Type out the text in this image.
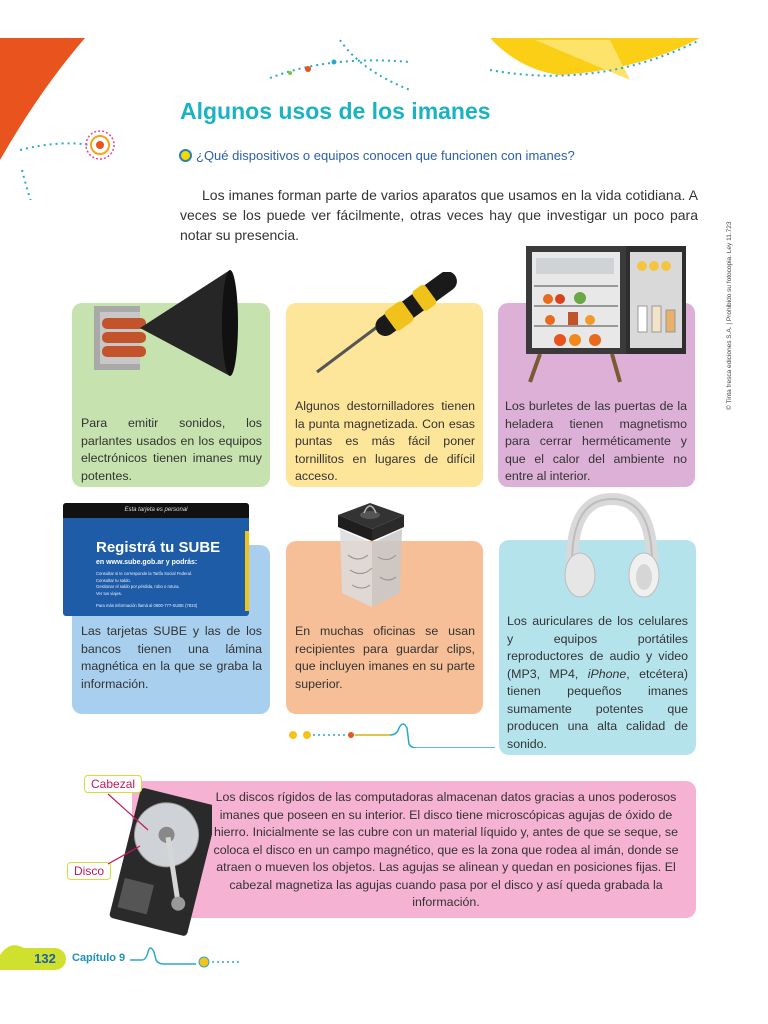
Algunos usos de los imanes
¿Qué dispositivos o equipos conocen que funcionen con imanes?

Los imanes forman parte de varios aparatos que usamos en la vida cotidiana. A veces se los puede ver fácilmente, otras veces hay que investigar un poco para notar su presencia.	© Tinta fresca ediciones S.A. | Prohibido su fotocopia. Ley 11.723
Para emitir sonidos, los parlantes usados en los equipos electrónicos tienen imanes muy potentes.
Algunos destornilladores tienen la punta magnetizada. Con esas puntas es más fácil poner tornillitos en lugares de difícil acceso.
Los burletes de las puertas de la heladera tienen magnetismo para cerrar herméticamente y que el calor del ambiente no entre al interior.
Las tarjetas SUBE y las de los bancos tienen una lámina magnética en la que se graba la información.
Esta tarjeta es personal
Registrá tu SUBE
en www.sube.gob.ar y podrás:
Consultar si te corresponde la Tarifa Social Federal.
Consultar tu saldo.
Gestionar el saldo por pérdida, robo o rotura.
Ver tus viajes.
Para más información llamá al 0800-777-SUBE (7823)
En muchas oficinas se usan recipientes para guardar clips, que incluyen imanes en su parte superior.
Los auriculares de los celulares y equipos portátiles reproductores de audio y video (MP3, MP4, iPhone, etcétera) tienen pequeños imanes sumamente potentes que producen una alta calidad de sonido.
Los discos rígidos de las computadoras almacenan datos gracias a unos poderosos imanes que poseen en su interior. El disco tiene microscópicas agujas de óxido de hierro. Inicialmente se las cubre con un material líquido y, antes de que se seque, se coloca el disco en un campo magnético, que es la zona que rodea al imán, donde se atraen o mueven los objetos. Las agujas se alinean y quedan en posiciones fijas. El cabezal magnetiza las agujas cuando pasa por el disco y así queda grabada la información.
Cabezal
Disco
132	Capítulo 9
